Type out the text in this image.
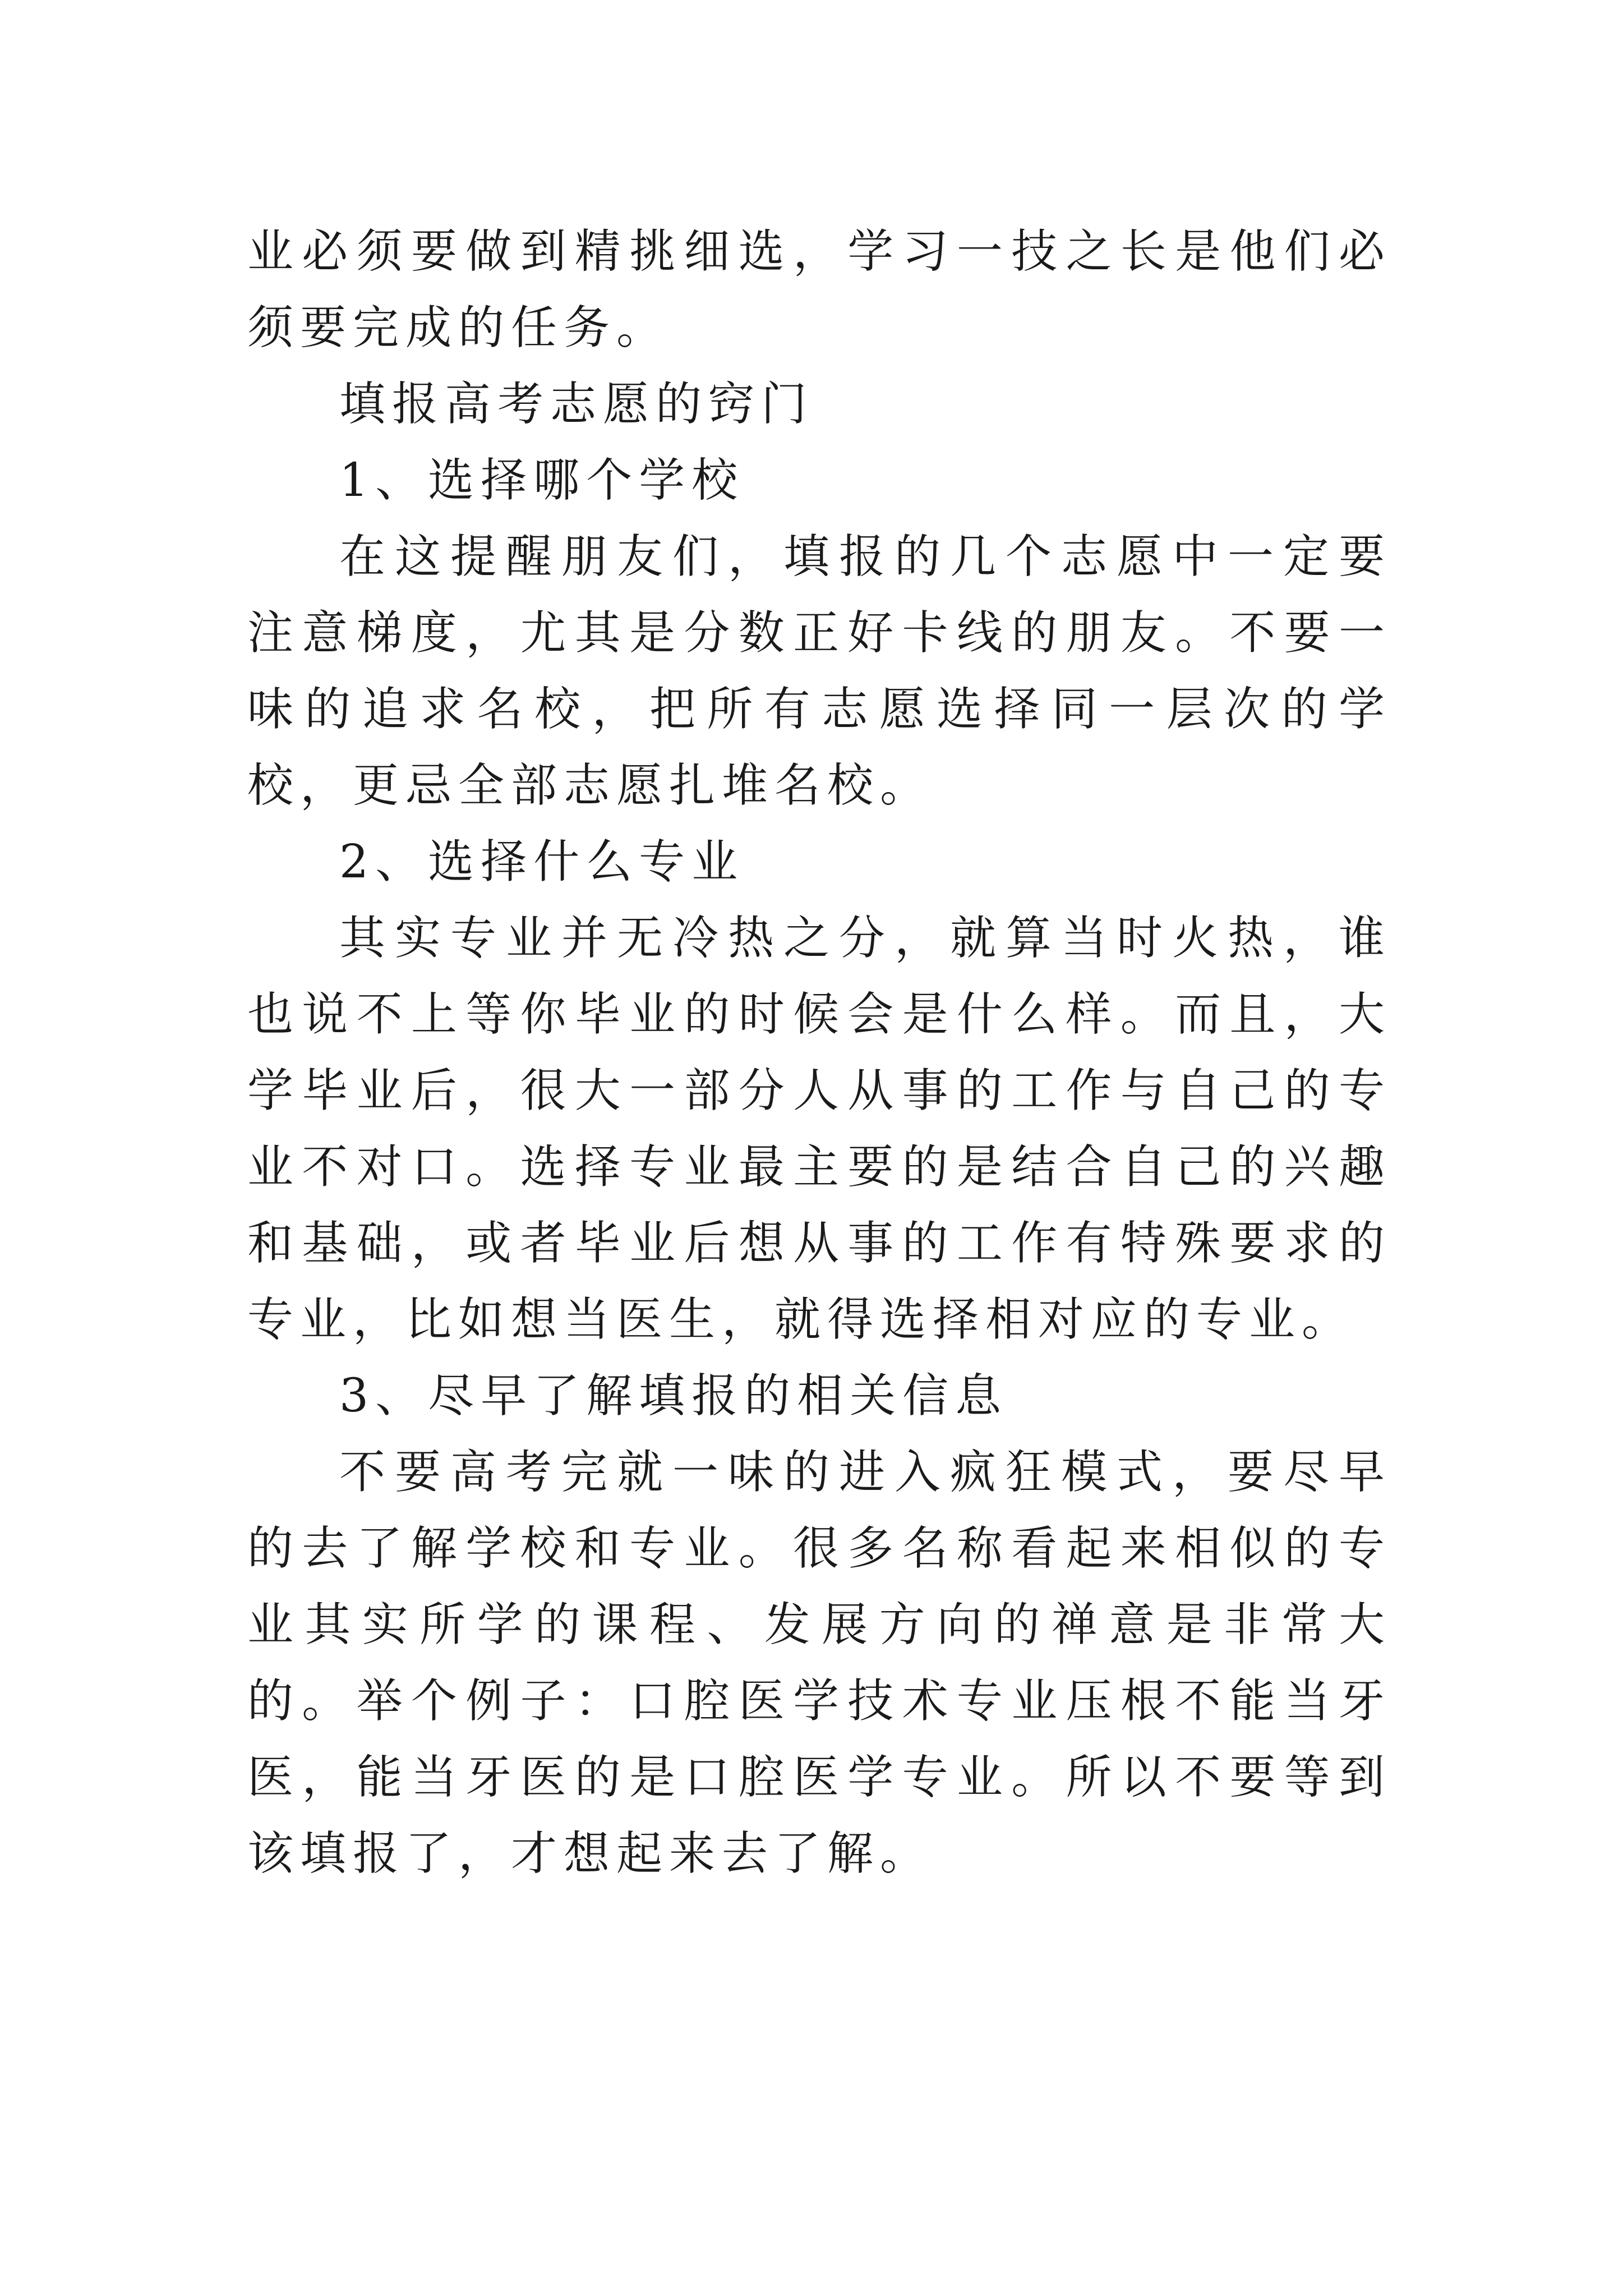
业必须要做到精挑细选，学习一技之长是他们必须要完成的任务。

填报高考志愿的窍门

1、选择哪个学校

在这提醒朋友们，填报的几个志愿中一定要注意梯度，尤其是分数正好卡线的朋友。不要一味的追求名校，把所有志愿选择同一层次的学校，更忌全部志愿扎堆名校。

2、选择什么专业

其实专业并无冷热之分，就算当时火热，谁也说不上等你毕业的时候会是什么样。而且，大学毕业后，很大一部分人从事的工作与自己的专业不对口。选择专业最主要的是结合自己的兴趣和基础，或者毕业后想从事的工作有特殊要求的专业，比如想当医生，就得选择相对应的专业。

3、尽早了解填报的相关信息

不要高考完就一味的进入疯狂模式，要尽早的去了解学校和专业。很多名称看起来相似的专业其实所学的课程、发展方向的禅意是非常大的。举个例子：口腔医学技术专业压根不能当牙医，能当牙医的是口腔医学专业。所以不要等到该填报了，才想起来去了解。
